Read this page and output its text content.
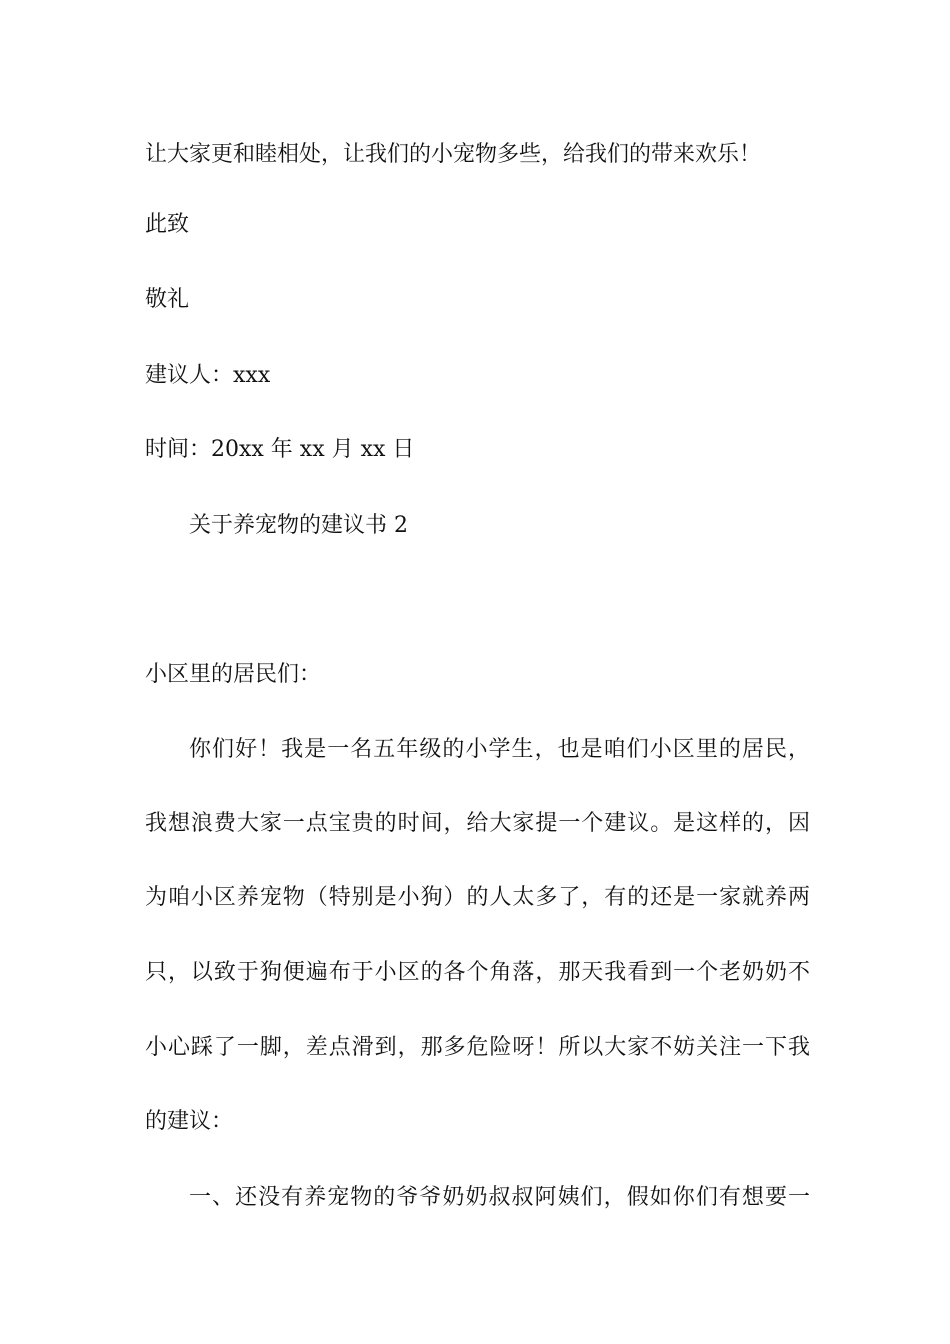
让大家更和睦相处，让我们的小宠物多些，给我们的带来欢乐！
此致
敬礼
建议人：xxx
时间：20xx 年 xx 月 xx 日
关于养宠物的建议书 2
小区里的居民们：
你们好！我是一名五年级的小学生，也是咱们小区里的居民，
我想浪费大家一点宝贵的时间，给大家提一个建议。是这样的，因
为咱小区养宠物（特别是小狗）的人太多了，有的还是一家就养两
只，以致于狗便遍布于小区的各个角落，那天我看到一个老奶奶不
小心踩了一脚，差点滑到，那多危险呀！所以大家不妨关注一下我
的建议：
一、还没有养宠物的爷爷奶奶叔叔阿姨们，假如你们有想要一
